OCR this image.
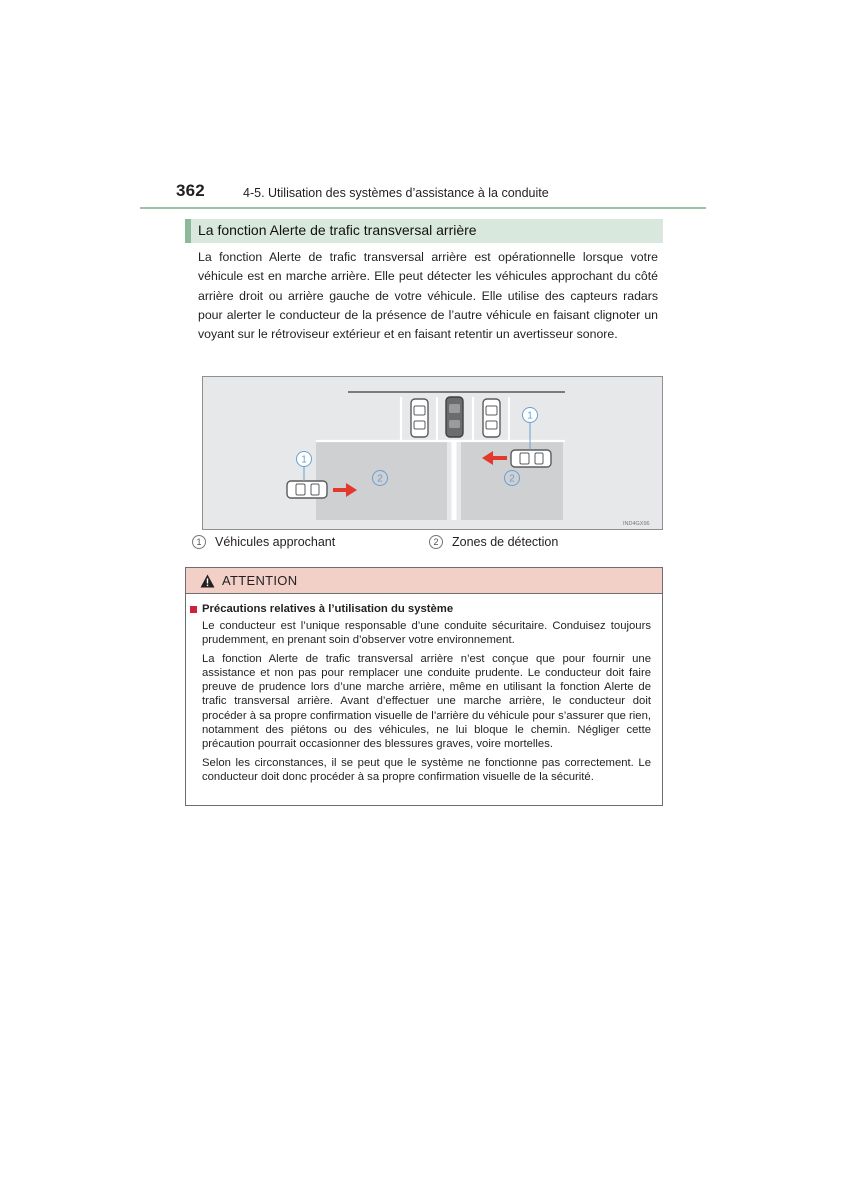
362	4-5. Utilisation des systèmes d’assistance à la conduite
La fonction Alerte de trafic transversal arrière

La fonction Alerte de trafic transversal arrière est opérationnelle lorsque votre véhicule est en marche arrière. Elle peut détecter les véhicules approchant du côté arrière droit ou arrière gauche de votre véhicule. Elle utilise des capteurs radars pour alerter le conducteur de la présence de l’autre véhicule en faisant clignoter un voyant sur le rétroviseur extérieur et en faisant retentir un avertisseur sonore.

1
1
2	2
IND4GX96
1	Véhicules approchant	2	Zones de détection
ATTENTION
Précautions relatives à l’utilisation du système

Le conducteur est l’unique responsable d’une conduite sécuritaire. Conduisez toujours prudemment, en prenant soin d’observer votre environnement.

La fonction Alerte de trafic transversal arrière n’est conçue que pour fournir une assistance et non pas pour remplacer une conduite prudente. Le conducteur doit faire preuve de prudence lors d’une marche arrière, même en utilisant la fonction Alerte de trafic transversal arrière. Avant d’effectuer une marche arrière, le conducteur doit procéder à sa propre confirmation visuelle de l’arrière du véhicule pour s’assurer que rien, notamment des piétons ou des véhicules, ne lui bloque le chemin. Négliger cette précaution pourrait occasionner des blessures graves, voire mortelles.

Selon les circonstances, il se peut que le système ne fonctionne pas correctement. Le conducteur doit donc procéder à sa propre confirmation visuelle de la sécurité.
